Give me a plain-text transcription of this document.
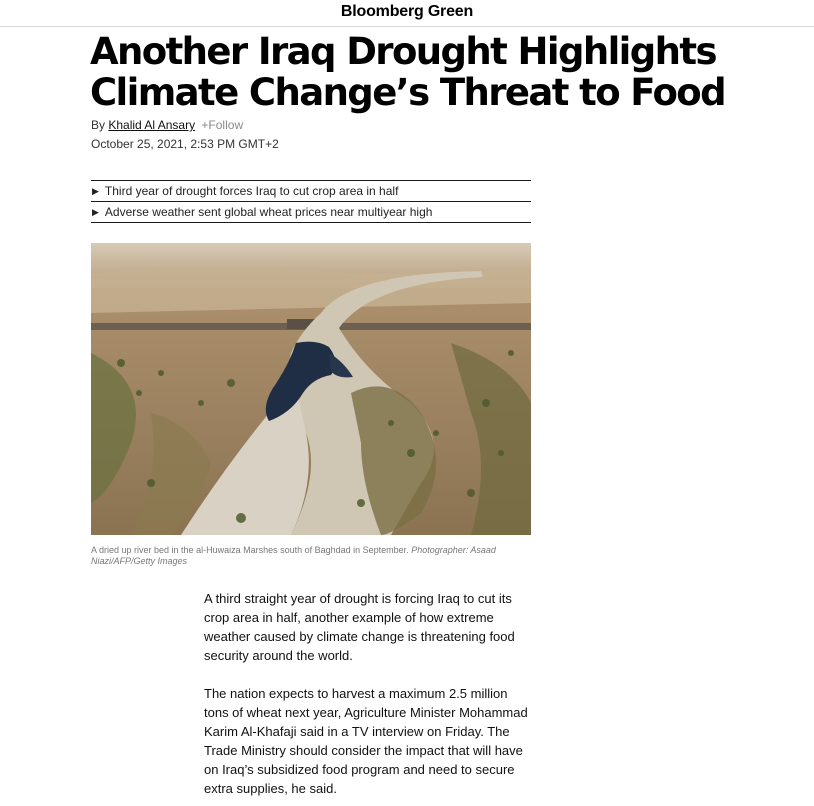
Bloomberg Green
Another Iraq Drought Highlights
Climate Change’s Threat to Food
By Khalid Al Ansary +Follow
October 25, 2021, 2:53 PM GMT+2
▶ Third year of drought forces Iraq to cut crop area in half
▶ Adverse weather sent global wheat prices near multiyear high
A dried up river bed in the al-Huwaiza Marshes south of Baghdad in September. Photographer: Asaad Niazi/AFP/Getty Images

A third straight year of drought is forcing Iraq to cut its crop area in half, another example of how extreme weather caused by climate change is threatening food security around the world.

The nation expects to harvest a maximum 2.5 million tons of wheat next year, Agriculture Minister Mohammad Karim Al-Khafaji said in a TV interview on Friday. The Trade Ministry should consider the impact that will have on Iraq’s subsidized food program and need to secure extra supplies, he said.
